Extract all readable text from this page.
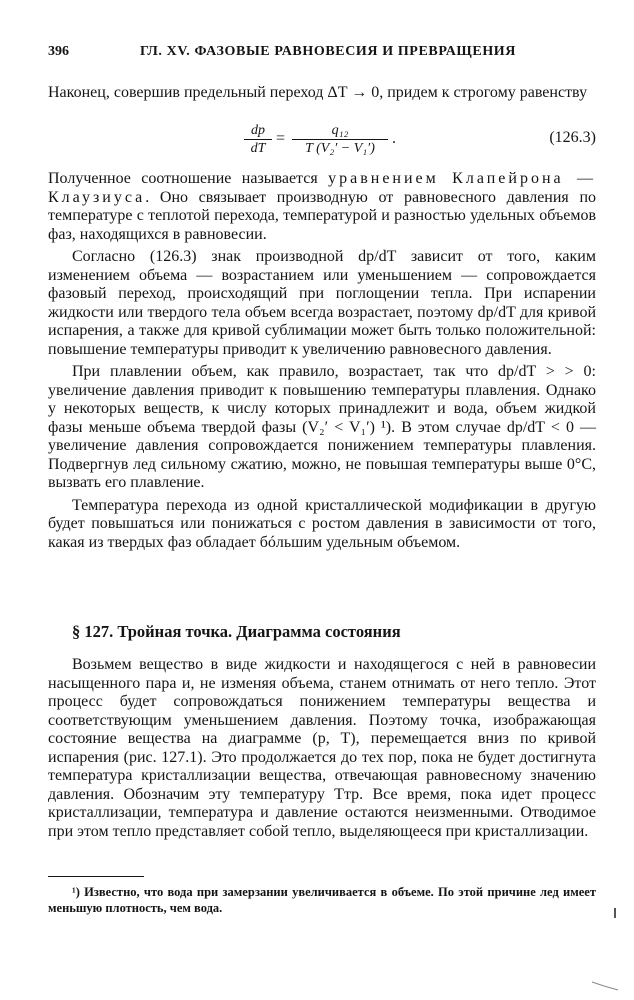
396	ГЛ. XV. ФАЗОВЫЕ РАВНОВЕСИЯ И ПРЕВРАЩЕНИЯ

Наконец, совершив предельный переход ΔT → 0, придем к строгому равенству

$\frac{dp}{dT} = \frac{\text{q₁₂}}{\text{T (V₂′ − V₁′)}}$ .	(126.3)

Полученное соотношение называется уравнением Клапейрона — Клаузиуса. Оно связывает производную от равновесного давления по температуре с теплотой перехода, температурой и разностью удельных объемов фаз, находящихся в равновесии.

Согласно (126.3) знак производной dp/dT зависит от того, каким изменением объема — возрастанием или уменьшением — сопровождается фазовый переход, происходящий при поглощении тепла. При испарении жидкости или твердого тела объем всегда возрастает, поэтому dp/dT для кривой испарения, а также для кривой сублимации может быть только положительной: повышение температуры приводит к увеличению равновесного давления.

При плавлении объем, как правило, возрастает, так что dp/dT > > 0: увеличение давления приводит к повышению температуры плавления. Однако у некоторых веществ, к числу которых принадлежит и вода, объем жидкой фазы меньше объема твердой фазы (V₂′ < V₁′) ¹). В этом случае dp/dT < 0 — увеличение давления сопровождается понижением температуры плавления. Подвергнув лед сильному сжатию, можно, не повышая температуры выше 0°С, вызвать его плавление.

Температура перехода из одной кристаллической модификации в другую будет повышаться или понижаться с ростом давления в зависимости от того, какая из твердых фаз обладает бóльшим удельным объемом.

§ 127. Тройная точка. Диаграмма состояния

Возьмем вещество в виде жидкости и находящегося с ней в равновесии насыщенного пара и, не изменяя объема, станем отнимать от него тепло. Этот процесс будет сопровождаться понижением температуры вещества и соответствующим уменьшением давления. Поэтому точка, изображающая состояние вещества на диаграмме (p, T), перемещается вниз по кривой испарения (рис. 127.1). Это продолжается до тех пор, пока не будет достигнута температура кристаллизации вещества, отвечающая равновесному значению давления. Обозначим эту температуру Tтр. Все время, пока идет процесс кристаллизации, температура и давление остаются неизменными. Отводимое при этом тепло представляет собой тепло, выделяющееся при кристаллизации.

¹) Известно, что вода при замерзании увеличивается в объеме. По этой причине лед имеет меньшую плотность, чем вода.
